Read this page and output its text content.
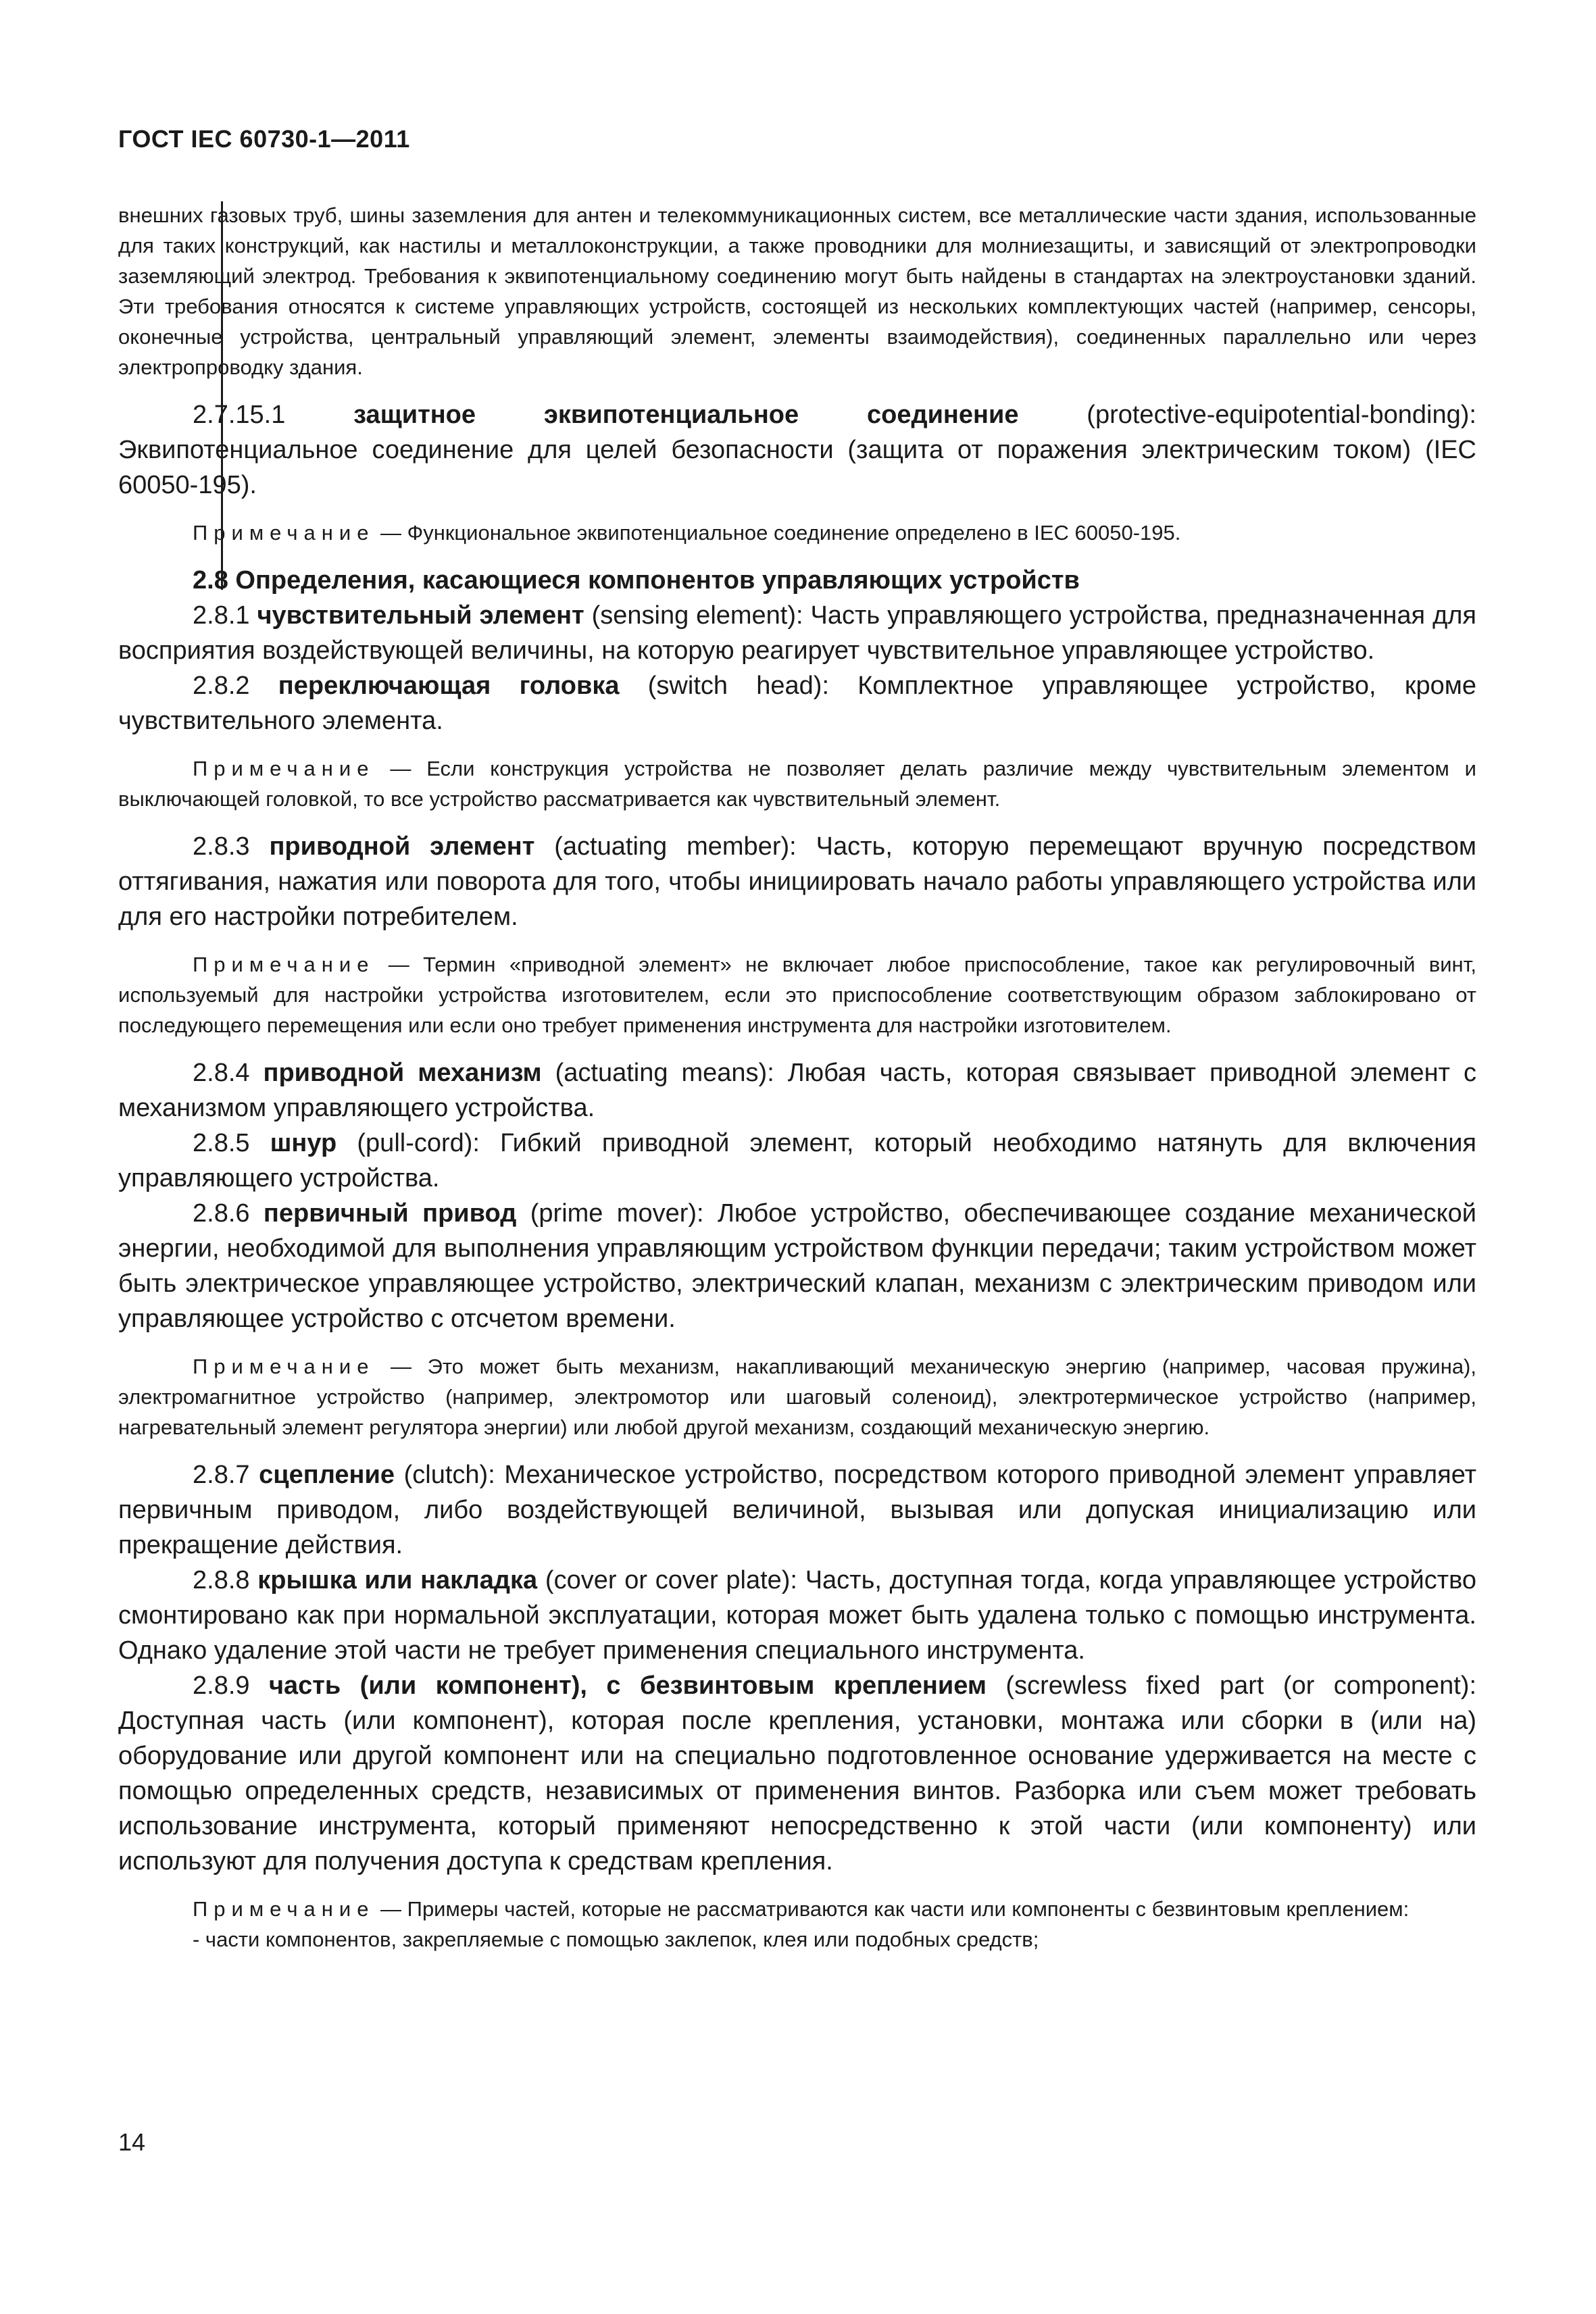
ГОСТ IEC 60730-1—2011

внешних газовых труб, шины заземления для антен и телекоммуникационных систем, все металлические части здания, использованные для таких конструкций, как настилы и металлоконструкции, а также проводники для молниезащиты, и зависящий от электропроводки заземляющий электрод. Требования к эквипотенциальному соединению могут быть найдены в стандартах на электроустановки зданий. Эти требования относятся к системе управляющих устройств, состоящей из нескольких комплектующих частей (например, сенсоры, оконечные устройства, центральный управляющий элемент, элементы взаимодействия), соединенных параллельно или через электропроводку здания.

2.7.15.1 защитное эквипотенциальное соединение (protective-equipotential-bonding): Эквипотенциальное соединение для целей безопасности (защита от поражения электрическим током) (IEC 60050-195).

Примечание — Функциональное эквипотенциальное соединение определено в IEC 60050-195.

2.8 Определения, касающиеся компонентов управляющих устройств

2.8.1 чувствительный элемент (sensing element): Часть управляющего устройства, предназначенная для восприятия воздействующей величины, на которую реагирует чувствительное управляющее устройство.

2.8.2 переключающая головка (switch head): Комплектное управляющее устройство, кроме чувствительного элемента.

Примечание — Если конструкция устройства не позволяет делать различие между чувствительным элементом и выключающей головкой, то все устройство рассматривается как чувствительный элемент.

2.8.3 приводной элемент (actuating member): Часть, которую перемещают вручную посредством оттягивания, нажатия или поворота для того, чтобы инициировать начало работы управляющего устройства или для его настройки потребителем.

Примечание — Термин «приводной элемент» не включает любое приспособление, такое как регулировочный винт, используемый для настройки устройства изготовителем, если это приспособление соответствующим образом заблокировано от последующего перемещения или если оно требует применения инструмента для настройки изготовителем.

2.8.4 приводной механизм (actuating means): Любая часть, которая связывает приводной элемент с механизмом управляющего устройства.

2.8.5 шнур (pull-cord): Гибкий приводной элемент, который необходимо натянуть для включения управляющего устройства.

2.8.6 первичный привод (prime mover): Любое устройство, обеспечивающее создание механической энергии, необходимой для выполнения управляющим устройством функции передачи; таким устройством может быть электрическое управляющее устройство, электрический клапан, механизм с электрическим приводом или управляющее устройство с отсчетом времени.

Примечание — Это может быть механизм, накапливающий механическую энергию (например, часовая пружина), электромагнитное устройство (например, электромотор или шаговый соленоид), электротермическое устройство (например, нагревательный элемент регулятора энергии) или любой другой механизм, создающий механическую энергию.

2.8.7 сцепление (clutch): Механическое устройство, посредством которого приводной элемент управляет первичным приводом, либо воздействующей величиной, вызывая или допуская инициализацию или прекращение действия.

2.8.8 крышка или накладка (cover or cover plate): Часть, доступная тогда, когда управляющее устройство смонтировано как при нормальной эксплуатации, которая может быть удалена только с помощью инструмента. Однако удаление этой части не требует применения специального инструмента.

2.8.9 часть (или компонент), с безвинтовым креплением (screwless fixed part (or component): Доступная часть (или компонент), которая после крепления, установки, монтажа или сборки в (или на) оборудование или другой компонент или на специально подготовленное основание удерживается на месте с помощью определенных средств, независимых от применения винтов. Разборка или съем может требовать использование инструмента, который применяют непосредственно к этой части (или компоненту) или используют для получения доступа к средствам крепления.

Примечание — Примеры частей, которые не рассматриваются как части или компоненты с безвинтовым креплением:

- части компонентов, закрепляемые с помощью заклепок, клея или подобных средств;

14
